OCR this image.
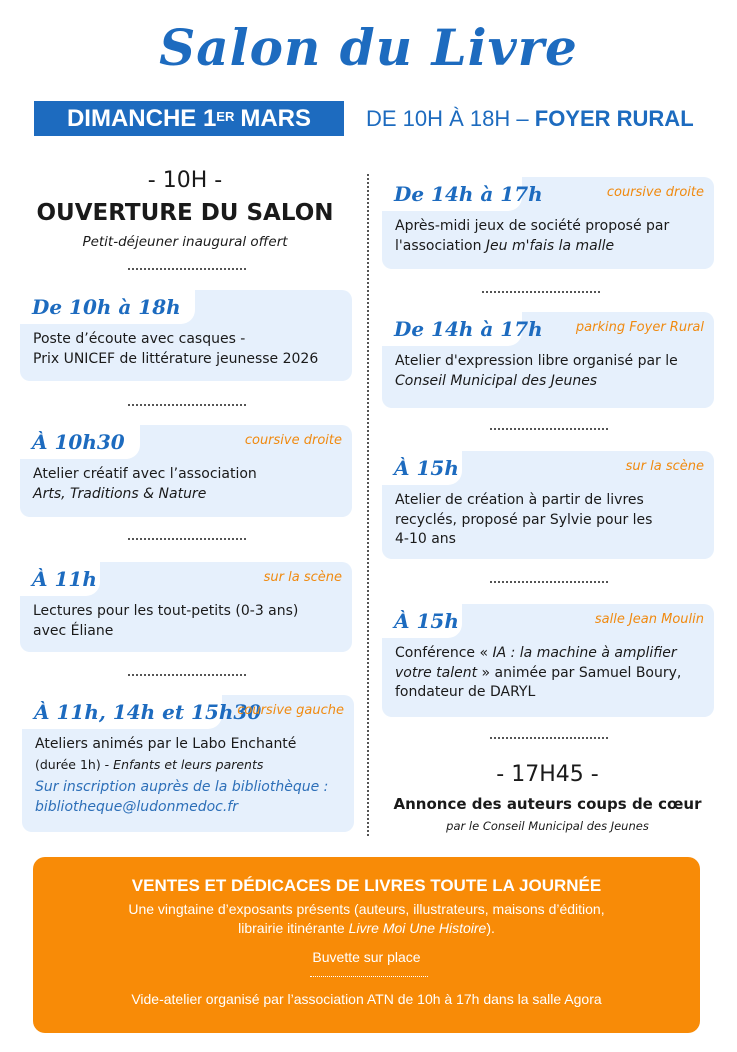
Salon du Livre
DIMANCHE 1ER MARS DE 10H À 18H – FOYER RURAL
- 10H -
OUVERTURE DU SALON
Petit-déjeuner inaugural offert
De 10h à 18h
Poste d’écoute avec casques -
Prix UNICEF de littérature jeunesse 2026
À 10h30	coursive droite
Atelier créatif avec l’association
Arts, Traditions & Nature
À 11h	sur la scène
Lectures pour les tout-petits (0-3 ans)
avec Éliane
À 11h, 14h et 15h30
coursive gauche
Ateliers animés par le Labo Enchanté
(durée 1h) - Enfants et leurs parents
Sur inscription auprès de la bibliothèque :
bibliotheque@ludonmedoc.fr
De 14h à 17h	coursive droite
Après-midi jeux de société proposé par
l'association Jeu m'fais la malle
De 14h à 17h	parking Foyer Rural
Atelier d'expression libre organisé par le
Conseil Municipal des Jeunes
À 15h	sur la scène
Atelier de création à partir de livres
recyclés, proposé par Sylvie pour les
4-10 ans
À 15h	salle Jean Moulin
Conférence « IA : la machine à amplifier
votre talent » animée par Samuel Boury,
fondateur de DARYL
- 17H45 -
Annonce des auteurs coups de cœur
par le Conseil Municipal des Jeunes
VENTES ET DÉDICACES DE LIVRES TOUTE LA JOURNÉE
Une vingtaine d’exposants présents (auteurs, illustrateurs, maisons d’édition,
librairie itinérante Livre Moi Une Histoire).
Buvette sur place
Vide-atelier organisé par l’association ATN de 10h à 17h dans la salle Agora
